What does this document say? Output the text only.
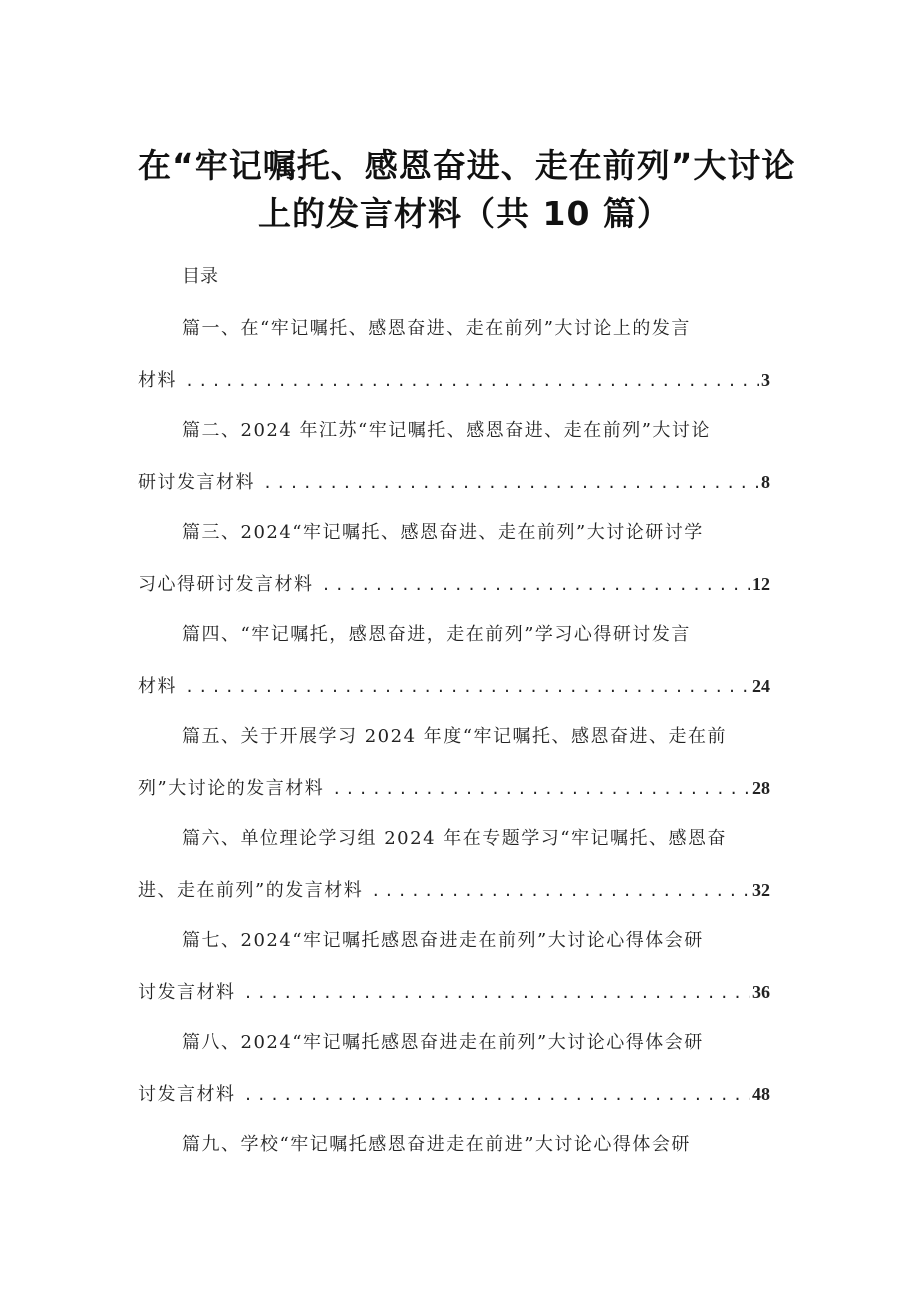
在“牢记嘱托、感恩奋进、走在前列”大讨论
上的发言材料（共 10 篇）
目录
篇一、在“牢记嘱托、感恩奋进、走在前列”大讨论上的发言
材料 .....	3
篇二、2024 年江苏“牢记嘱托、感恩奋进、走在前列”大讨论
研讨发言材料 .....	8
篇三、2024“牢记嘱托、感恩奋进、走在前列”大讨论研讨学
习心得研讨发言材料 .....	12
篇四、“牢记嘱托，感恩奋进，走在前列”学习心得研讨发言
材料 .....	24
篇五、关于开展学习 2024 年度“牢记嘱托、感恩奋进、走在前
列”大讨论的发言材料 .....	28
篇六、单位理论学习组 2024 年在专题学习“牢记嘱托、感恩奋
进、走在前列”的发言材料 .....	32
篇七、2024“牢记嘱托感恩奋进走在前列”大讨论心得体会研
讨发言材料 .....	36
篇八、2024“牢记嘱托感恩奋进走在前列”大讨论心得体会研
讨发言材料 .....	48
篇九、学校“牢记嘱托感恩奋进走在前进”大讨论心得体会研
